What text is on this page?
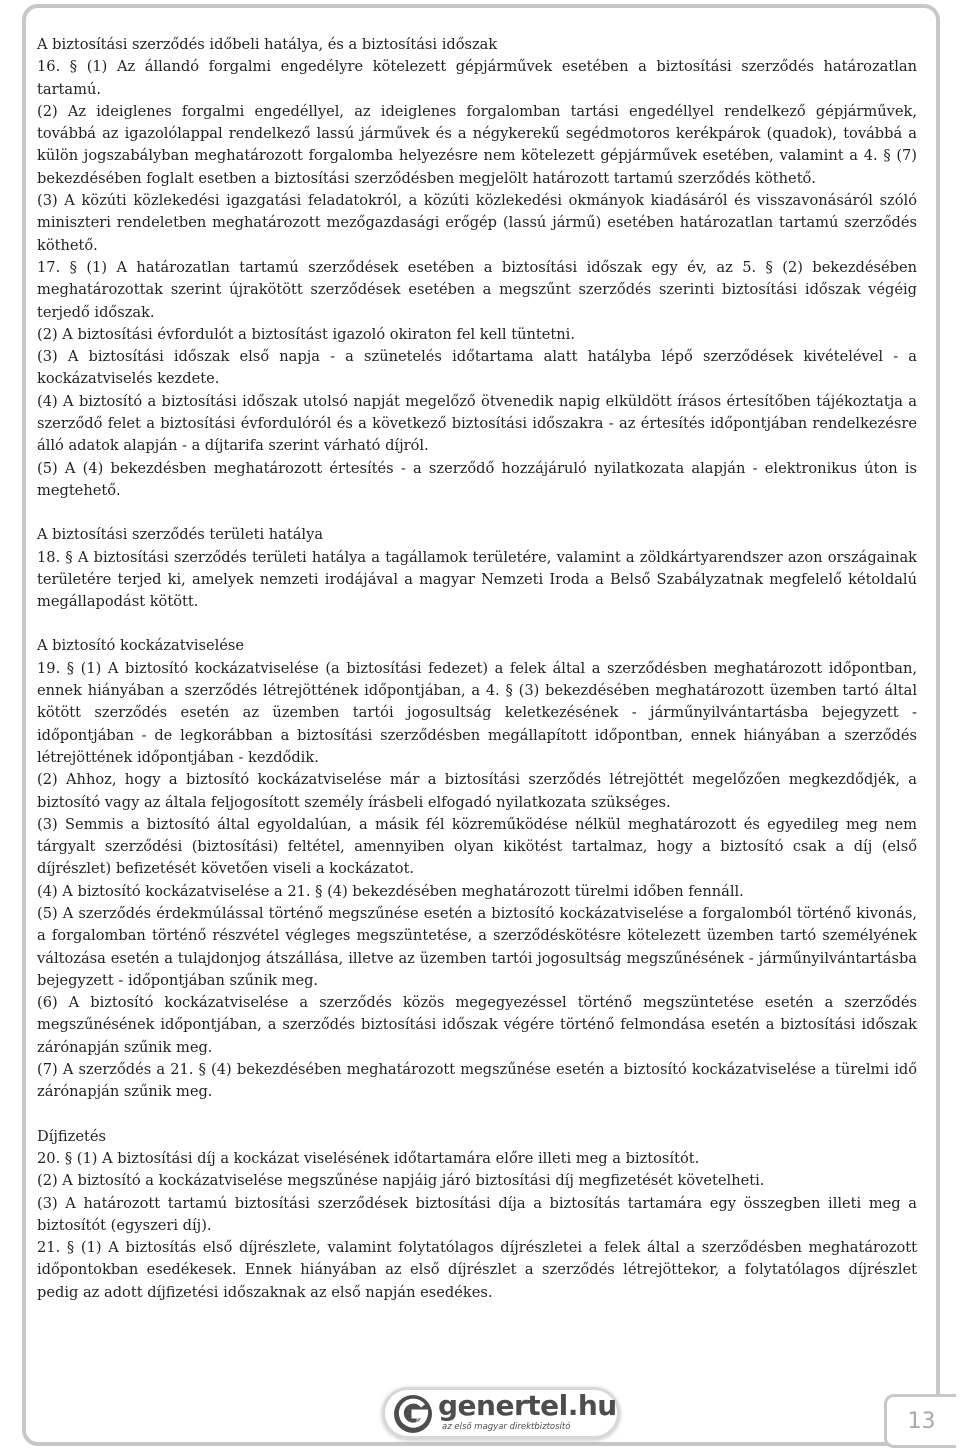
A biztosítási szerződés időbeli hatálya, és a biztosítási időszak

16. § (1) Az állandó forgalmi engedélyre kötelezett gépjárművek esetében a biztosítási szerződés határozatlan tartamú.

(2) Az ideiglenes forgalmi engedéllyel, az ideiglenes forgalomban tartási engedéllyel rendelkező gépjárművek, továbbá az igazolólappal rendelkező lassú járművek és a négykerekű segédmotoros kerékpárok (quadok), továbbá a külön jogszabályban meghatározott forgalomba helyezésre nem kötelezett gépjárművek esetében, valamint a 4. § (7) bekezdésében foglalt esetben a biztosítási szerződésben megjelölt határozott tartamú szerződés köthető.

(3) A közúti közlekedési igazgatási feladatokról, a közúti közlekedési okmányok kiadásáról és visszavonásáról szóló miniszteri rendeletben meghatározott mezőgazdasági erőgép (lassú jármű) esetében határozatlan tartamú szerződés köthető.

17. § (1) A határozatlan tartamú szerződések esetében a biztosítási időszak egy év, az 5. § (2) bekezdésében meghatározottak szerint újrakötött szerződések esetében a megszűnt szerződés szerinti biztosítási időszak végéig terjedő időszak.

(2) A biztosítási évfordulót a biztosítást igazoló okiraton fel kell tüntetni.

(3) A biztosítási időszak első napja - a szünetelés időtartama alatt hatályba lépő szerződések kivételével - a kockázatviselés kezdete.

(4) A biztosító a biztosítási időszak utolsó napját megelőző ötvenedik napig elküldött írásos értesítőben tájékoztatja a szerződő felet a biztosítási évfordulóról és a következő biztosítási időszakra - az értesítés időpontjában rendelkezésre álló adatok alapján - a díjtarifa szerint várható díjról.

(5) A (4) bekezdésben meghatározott értesítés - a szerződő hozzájáruló nyilatkozata alapján - elektronikus úton is megtehető.

A biztosítási szerződés területi hatálya

18. § A biztosítási szerződés területi hatálya a tagállamok területére, valamint a zöldkártyarendszer azon országainak területére terjed ki, amelyek nemzeti irodájával a magyar Nemzeti Iroda a Belső Szabályzatnak megfelelő kétoldalú megállapodást kötött.

A biztosító kockázatviselése

19. § (1) A biztosító kockázatviselése (a biztosítási fedezet) a felek által a szerződésben meghatározott időpontban, ennek hiányában a szerződés létrejöttének időpontjában, a 4. § (3) bekezdésében meghatározott üzemben tartó által kötött szerződés esetén az üzemben tartói jogosultság keletkezésének - járműnyilvántartásba bejegyzett - időpontjában - de legkorábban a biztosítási szerződésben megállapított időpontban, ennek hiányában a szerződés létrejöttének időpontjában - kezdődik.

(2) Ahhoz, hogy a biztosító kockázatviselése már a biztosítási szerződés létrejöttét megelőzően megkezdődjék, a biztosító vagy az általa feljogosított személy írásbeli elfogadó nyilatkozata szükséges.

(3) Semmis a biztosító által egyoldalúan, a másik fél közreműködése nélkül meghatározott és egyedileg meg nem tárgyalt szerződési (biztosítási) feltétel, amennyiben olyan kikötést tartalmaz, hogy a biztosító csak a díj (első díjrészlet) befizetését követően viseli a kockázatot.

(4) A biztosító kockázatviselése a 21. § (4) bekezdésében meghatározott türelmi időben fennáll.

(5) A szerződés érdekmúlással történő megszűnése esetén a biztosító kockázatviselése a forgalomból történő kivonás, a forgalomban történő részvétel végleges megszüntetése, a szerződéskötésre kötelezett üzemben tartó személyének változása esetén a tulajdonjog átszállása, illetve az üzemben tartói jogosultság megszűnésének - járműnyilvántartásba bejegyzett - időpontjában szűnik meg.

(6) A biztosító kockázatviselése a szerződés közös megegyezéssel történő megszüntetése esetén a szerződés megszűnésének időpontjában, a szerződés biztosítási időszak végére történő felmondása esetén a biztosítási időszak zárónapján szűnik meg.

(7) A szerződés a 21. § (4) bekezdésében meghatározott megszűnése esetén a biztosító kockázatviselése a türelmi idő zárónapján szűnik meg.

Díjfizetés

20. § (1) A biztosítási díj a kockázat viselésének időtartamára előre illeti meg a biztosítót.

(2) A biztosító a kockázatviselése megszűnése napjáig járó biztosítási díj megfizetését követelheti.

(3) A határozott tartamú biztosítási szerződések biztosítási díja a biztosítás tartamára egy összegben illeti meg a biztosítót (egyszeri díj).

21. § (1) A biztosítás első díjrészlete, valamint folytatólagos díjrészletei a felek által a szerződésben meghatározott időpontokban esedékesek. Ennek hiányában az első díjrészlet a szerződés létrejöttekor, a folytatólagos díjrészlet pedig az adott díjfizetési időszaknak az első napján esedékes.

tel genertel.hu
az első magyar direktbiztosító	13
